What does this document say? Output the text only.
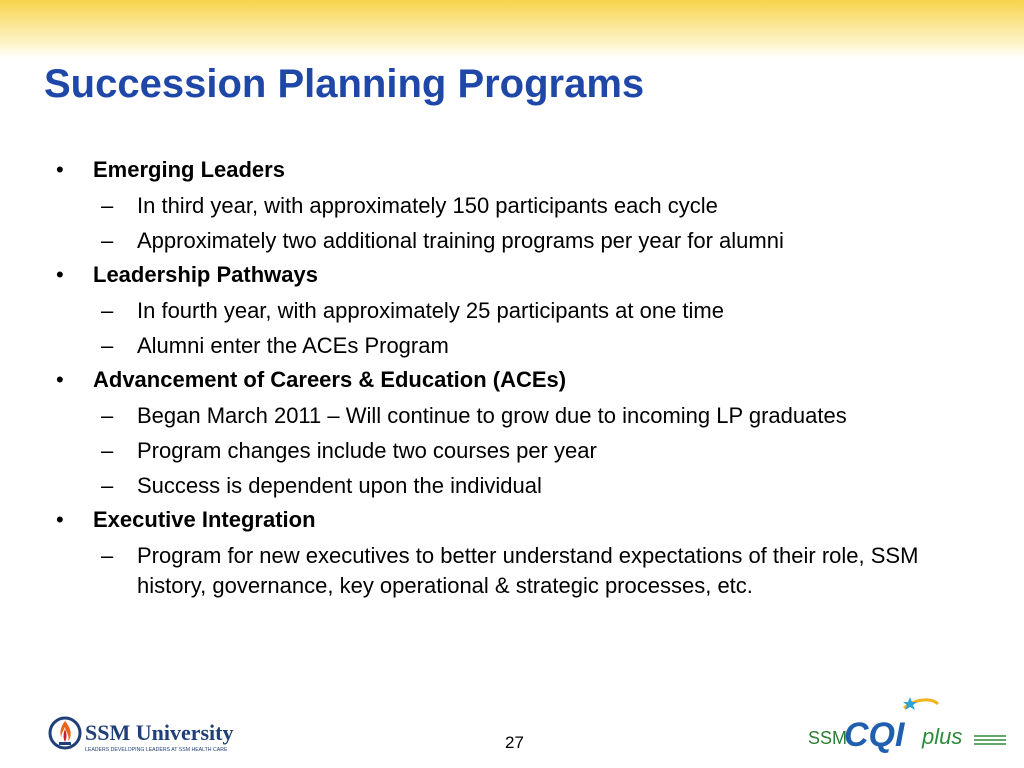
Succession Planning Programs
• Emerging Leaders
– In third year, with approximately 150 participants each cycle
– Approximately two additional training programs per year for alumni
• Leadership Pathways
– In fourth year, with approximately 25 participants at one time
– Alumni enter the ACEs Program
• Advancement of Careers & Education (ACEs)
– Began March 2011 – Will continue to grow due to incoming LP graduates
– Program changes include two courses per year
– Success is dependent upon the individual
• Executive Integration
– Program for new executives to better understand expectations of their role, SSM history, governance, key operational & strategic processes, etc.
SSM University
LEADERS DEVELOPING LEADERS AT SSM HEALTH CARE	27	SSM
CQI plus
